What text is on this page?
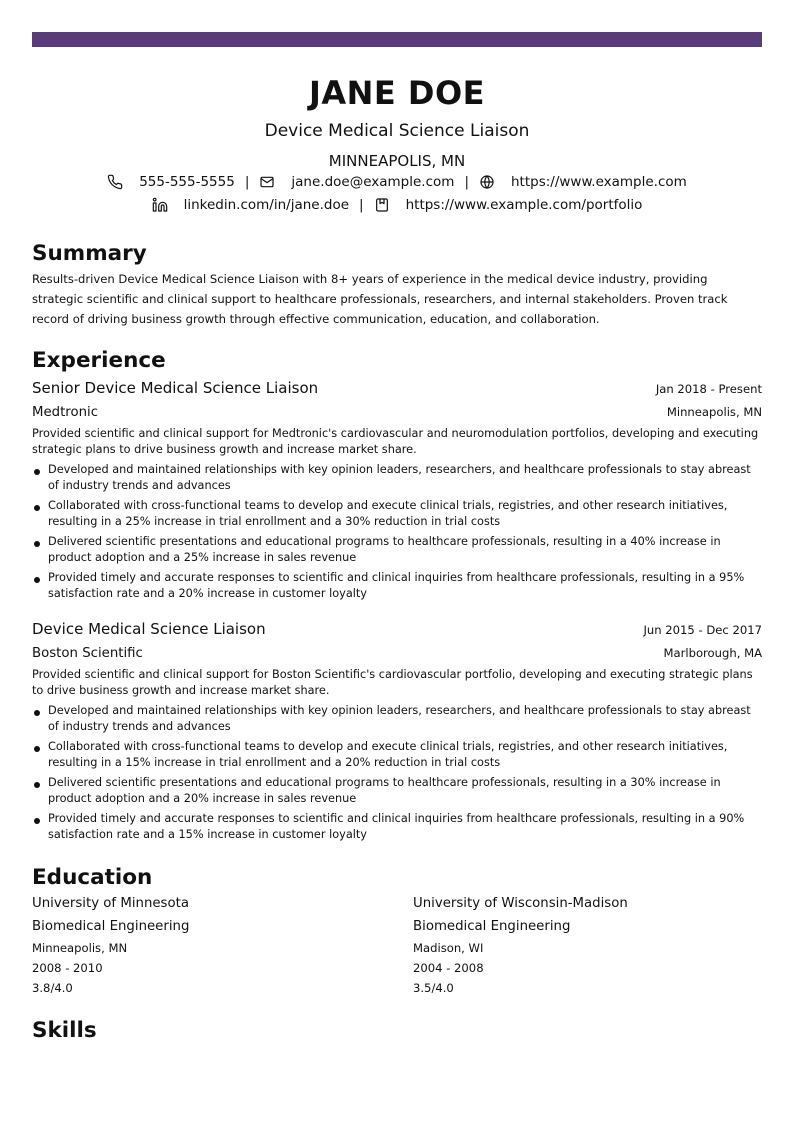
JANE DOE
Device Medical Science Liaison
MINNEAPOLIS, MN
555-555-5555 |	jane.doe@example.com |	https://www.example.com
linkedin.com/in/jane.doe |	https://www.example.com/portfolio
Summary
Results-driven Device Medical Science Liaison with 8+ years of experience in the medical device industry, providing strategic scientific and clinical support to healthcare professionals, researchers, and internal stakeholders. Proven track record of driving business growth through effective communication, education, and collaboration.
Experience
Senior Device Medical Science Liaison	Jan 2018 - Present
Medtronic	Minneapolis, MN
Provided scientific and clinical support for Medtronic's cardiovascular and neuromodulation portfolios, developing and executing strategic plans to drive business growth and increase market share.
Developed and maintained relationships with key opinion leaders, researchers, and healthcare professionals to stay abreast of industry trends and advances
Collaborated with cross-functional teams to develop and execute clinical trials, registries, and other research initiatives, resulting in a 25% increase in trial enrollment and a 30% reduction in trial costs
Delivered scientific presentations and educational programs to healthcare professionals, resulting in a 40% increase in product adoption and a 25% increase in sales revenue
Provided timely and accurate responses to scientific and clinical inquiries from healthcare professionals, resulting in a 95% satisfaction rate and a 20% increase in customer loyalty
Device Medical Science Liaison	Jun 2015 - Dec 2017
Boston Scientific	Marlborough, MA
Provided scientific and clinical support for Boston Scientific's cardiovascular portfolio, developing and executing strategic plans to drive business growth and increase market share.
Developed and maintained relationships with key opinion leaders, researchers, and healthcare professionals to stay abreast of industry trends and advances
Collaborated with cross-functional teams to develop and execute clinical trials, registries, and other research initiatives, resulting in a 15% increase in trial enrollment and a 20% reduction in trial costs
Delivered scientific presentations and educational programs to healthcare professionals, resulting in a 30% increase in product adoption and a 20% increase in sales revenue
Provided timely and accurate responses to scientific and clinical inquiries from healthcare professionals, resulting in a 90% satisfaction rate and a 15% increase in customer loyalty
Education
University of Minnesota
Biomedical Engineering
Minneapolis, MN
2008 - 2010
3.8/4.0
University of Wisconsin-Madison
Biomedical Engineering
Madison, WI
2004 - 2008
3.5/4.0
Skills
